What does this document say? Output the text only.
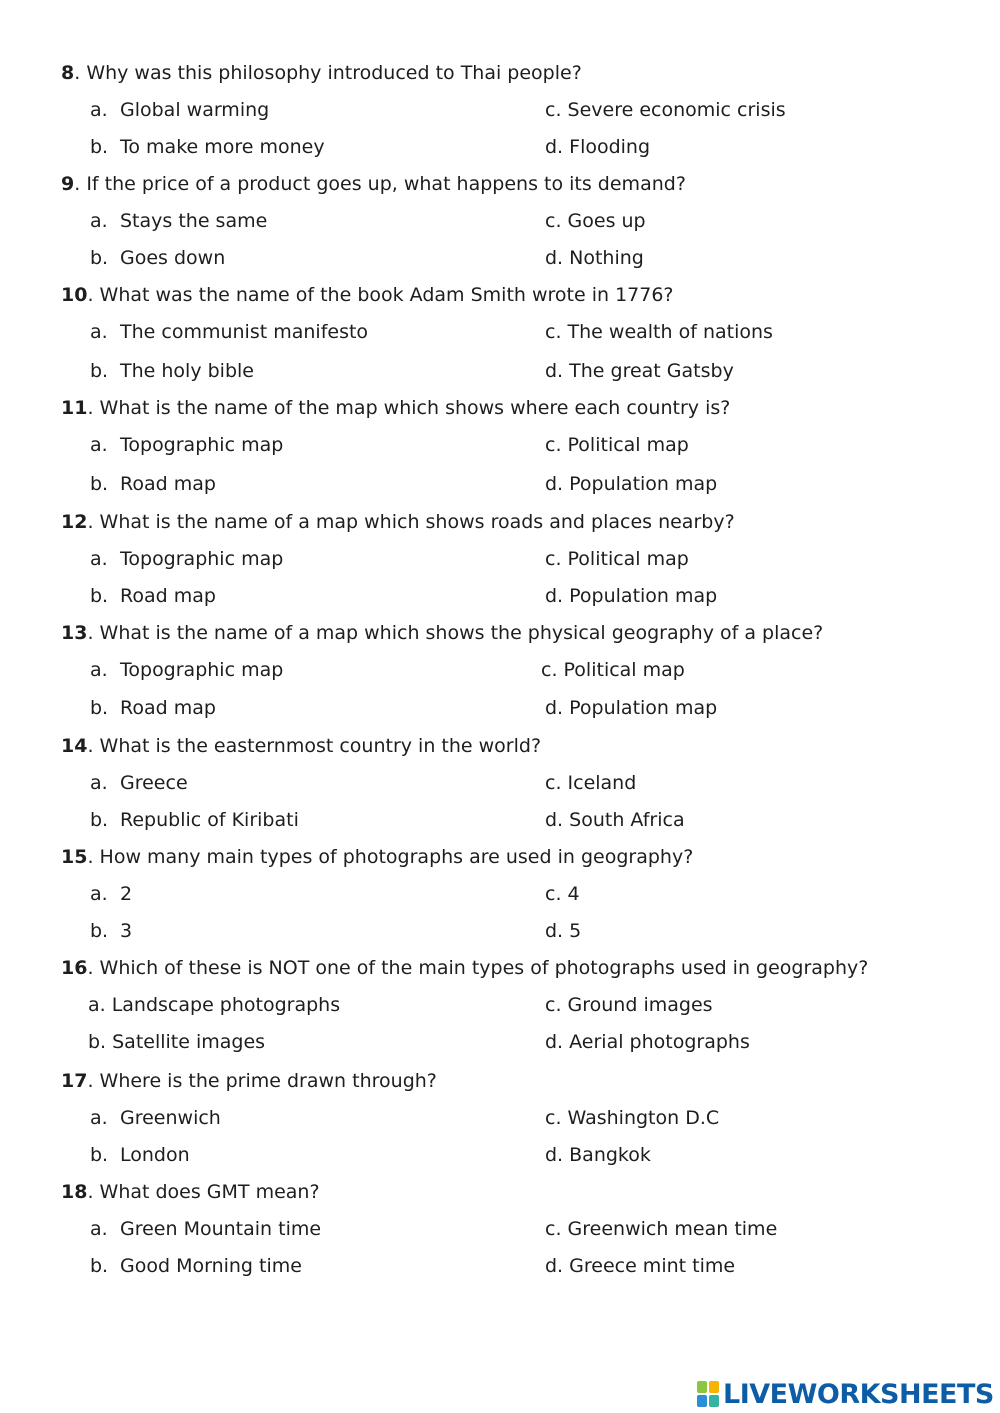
8. Why was this philosophy introduced to Thai people?
a. Global warming	c. Severe economic crisis
b. To make more money	d. Flooding
9. If the price of a product goes up, what happens to its demand?
a. Stays the same	c. Goes up
b. Goes down	d. Nothing
10. What was the name of the book Adam Smith wrote in 1776?
a. The communist manifesto	c. The wealth of nations
b. The holy bible	d. The great Gatsby
11. What is the name of the map which shows where each country is?
a. Topographic map	c. Political map
b. Road map	d. Population map
12. What is the name of a map which shows roads and places nearby?
a. Topographic map	c. Political map
b. Road map	d. Population map
13. What is the name of a map which shows the physical geography of a place?
a. Topographic map	c. Political map
b. Road map	d. Population map
14. What is the easternmost country in the world?
a. Greece	c. Iceland
b. Republic of Kiribati	d. South Africa
15. How many main types of photographs are used in geography?
a. 2	c. 4
b. 3	d. 5
16. Which of these is NOT one of the main types of photographs used in geography?
a. Landscape photographs	c. Ground images
b. Satellite images	d. Aerial photographs
17. Where is the prime drawn through?
a. Greenwich	c. Washington D.C
b. London	d. Bangkok
18. What does GMT mean?
a. Green Mountain time	c. Greenwich mean time
b. Good Morning time	d. Greece mint time
LIVEWORKSHEETS
